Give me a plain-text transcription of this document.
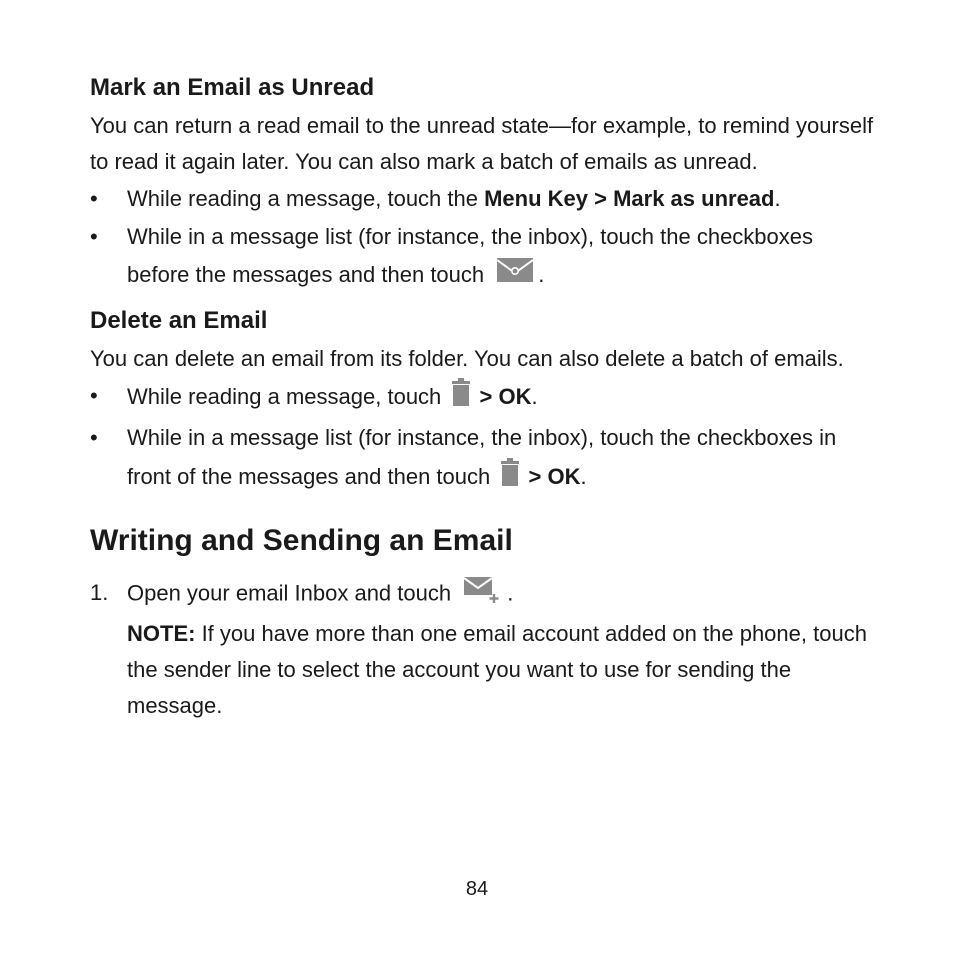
Mark an Email as Unread

You can return a read email to the unread state—for example, to remind yourself to read it again later. You can also mark a batch of emails as unread.

• While reading a message, touch the Menu Key > Mark as unread.
• While in a message list (for instance, the inbox), touch the checkboxes before the messages and then touch .
Delete an Email

You can delete an email from its folder. You can also delete a batch of emails.

• While reading a message, touch > OK.
• While in a message list (for instance, the inbox), touch the checkboxes in front of the messages and then touch > OK.
Writing and Sending an Email
1. Open your email Inbox and touch	.
NOTE: If you have more than one email account added on the phone, touch the sender line to select the account you want to use for sending the message.
84
